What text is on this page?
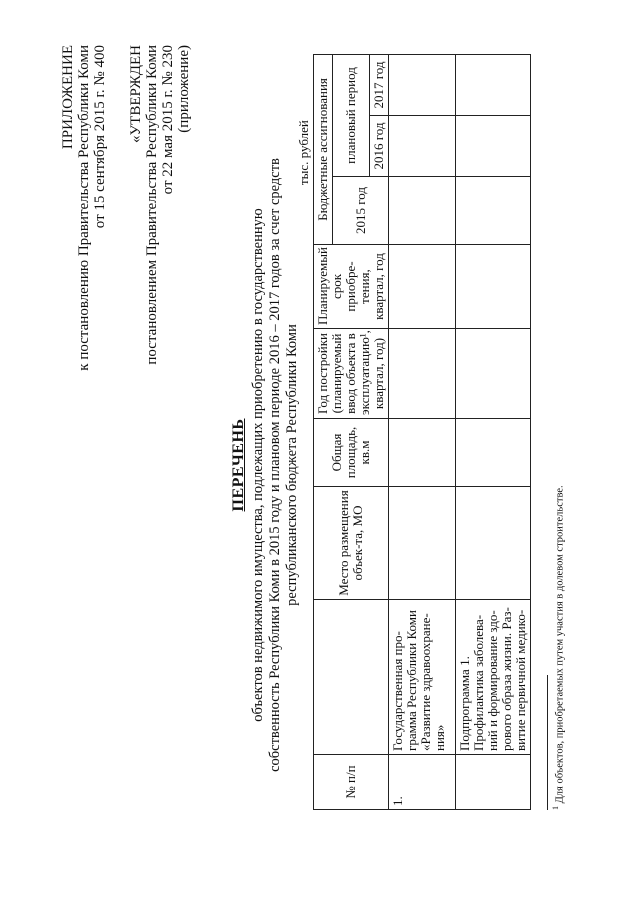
ПРИЛОЖЕНИЕ к постановлению Правительства Республики Коми от 15 сентября 2015 г. № 400 «УТВЕРЖДЕН постановлением Правительства Республики Коми от 22 мая 2015 г. № 230 (приложение)
ПЕРЕЧЕНЬ объектов недвижимого имущества, подлежащих приобретению в государственную собственность Республики Коми в 2015 году и плановом периоде 2016 – 2017 годов за счет средств республиканского бюджета Республики Коми
тыс. рублей
№ п/п		Место размещения объек-та, МО	Общая площадь, кв.м	Год постройки (планируемый ввод объекта в эксплуатацию¹, квартал, год)	Планируемый срок приобре-тения, квартал, год	Бюджетные ассигнования		
						2015 год	плановый период	
							2016 год	2017 год
1.	Государственная про-грамма Республики Коми «Развитие здравоохране-ния»							
	Подпрограмма 1. Профилактика заболева-ний и формирование здо-рового образа жизни. Раз-витие первичной медико-							
$^1$ Для объектов, приобретаемых путем участия в долевом строительстве.
